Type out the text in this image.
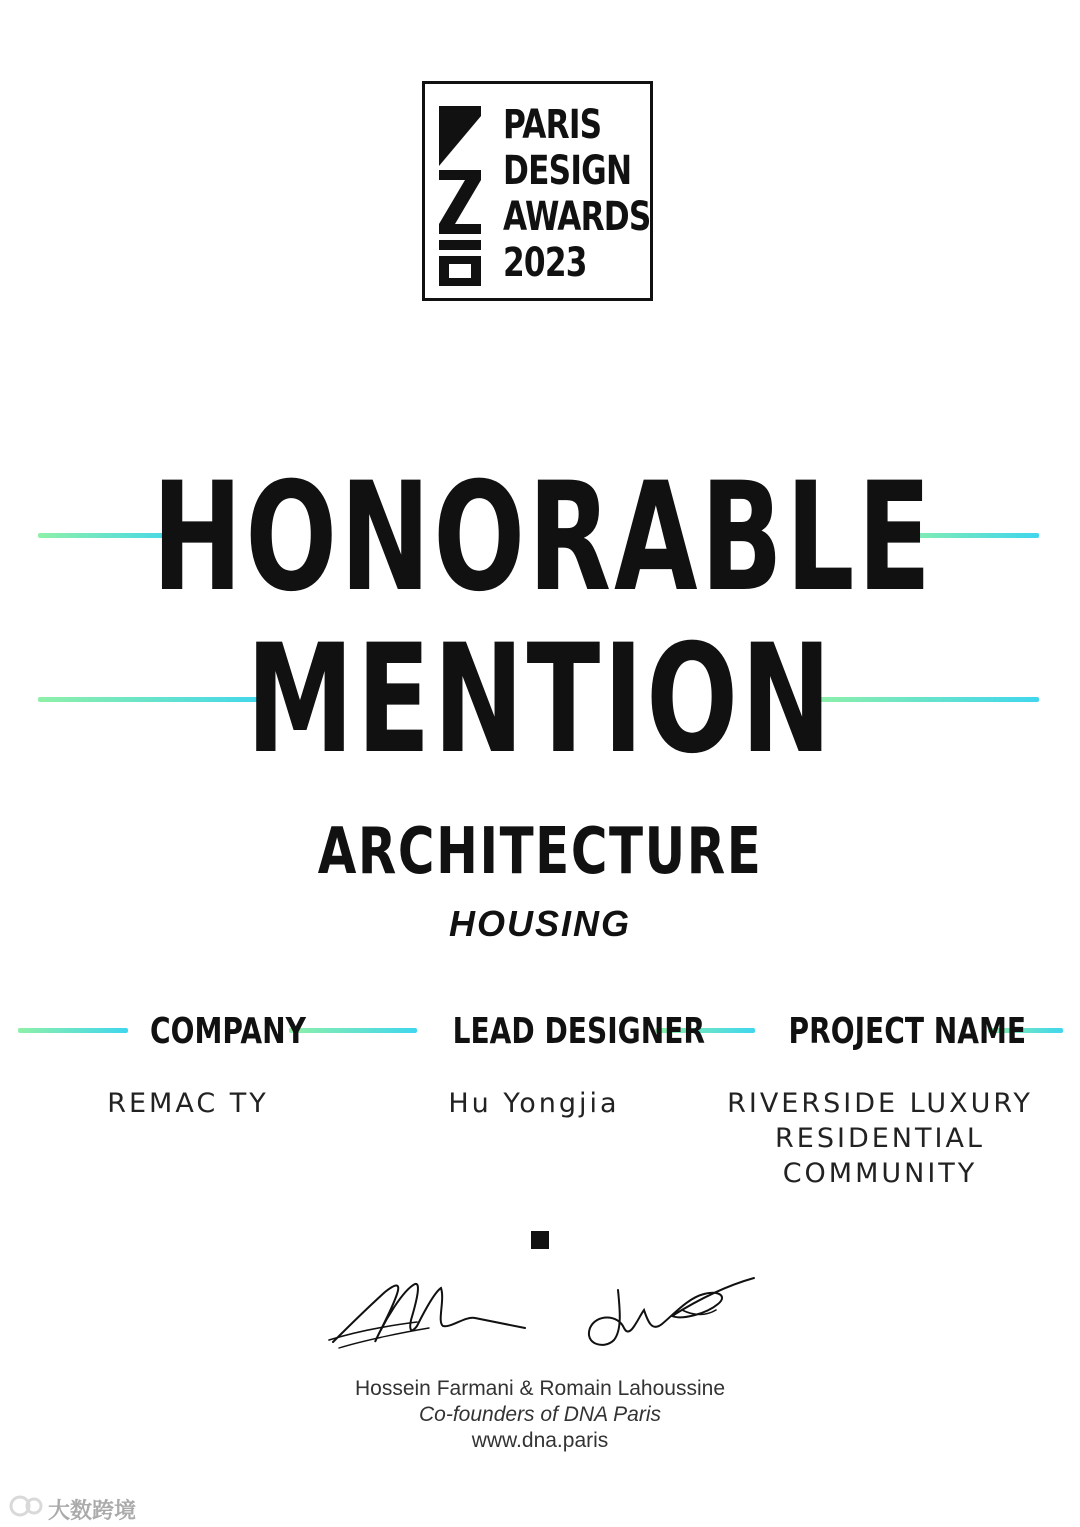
PARIS
DESIGN
AWARDS
2023
HONORABLE
MENTION
ARCHITECTURE
HOUSING
COMPANY	LEAD DESIGNER	PROJECT NAME
REMAC TY	Hu Yongjia	RIVERSIDE LUXURY
RESIDENTIAL
COMMUNITY
Hossein Farmani & Romain Lahoussine
Co-founders of DNA Paris
www.dna.paris
大数跨境
